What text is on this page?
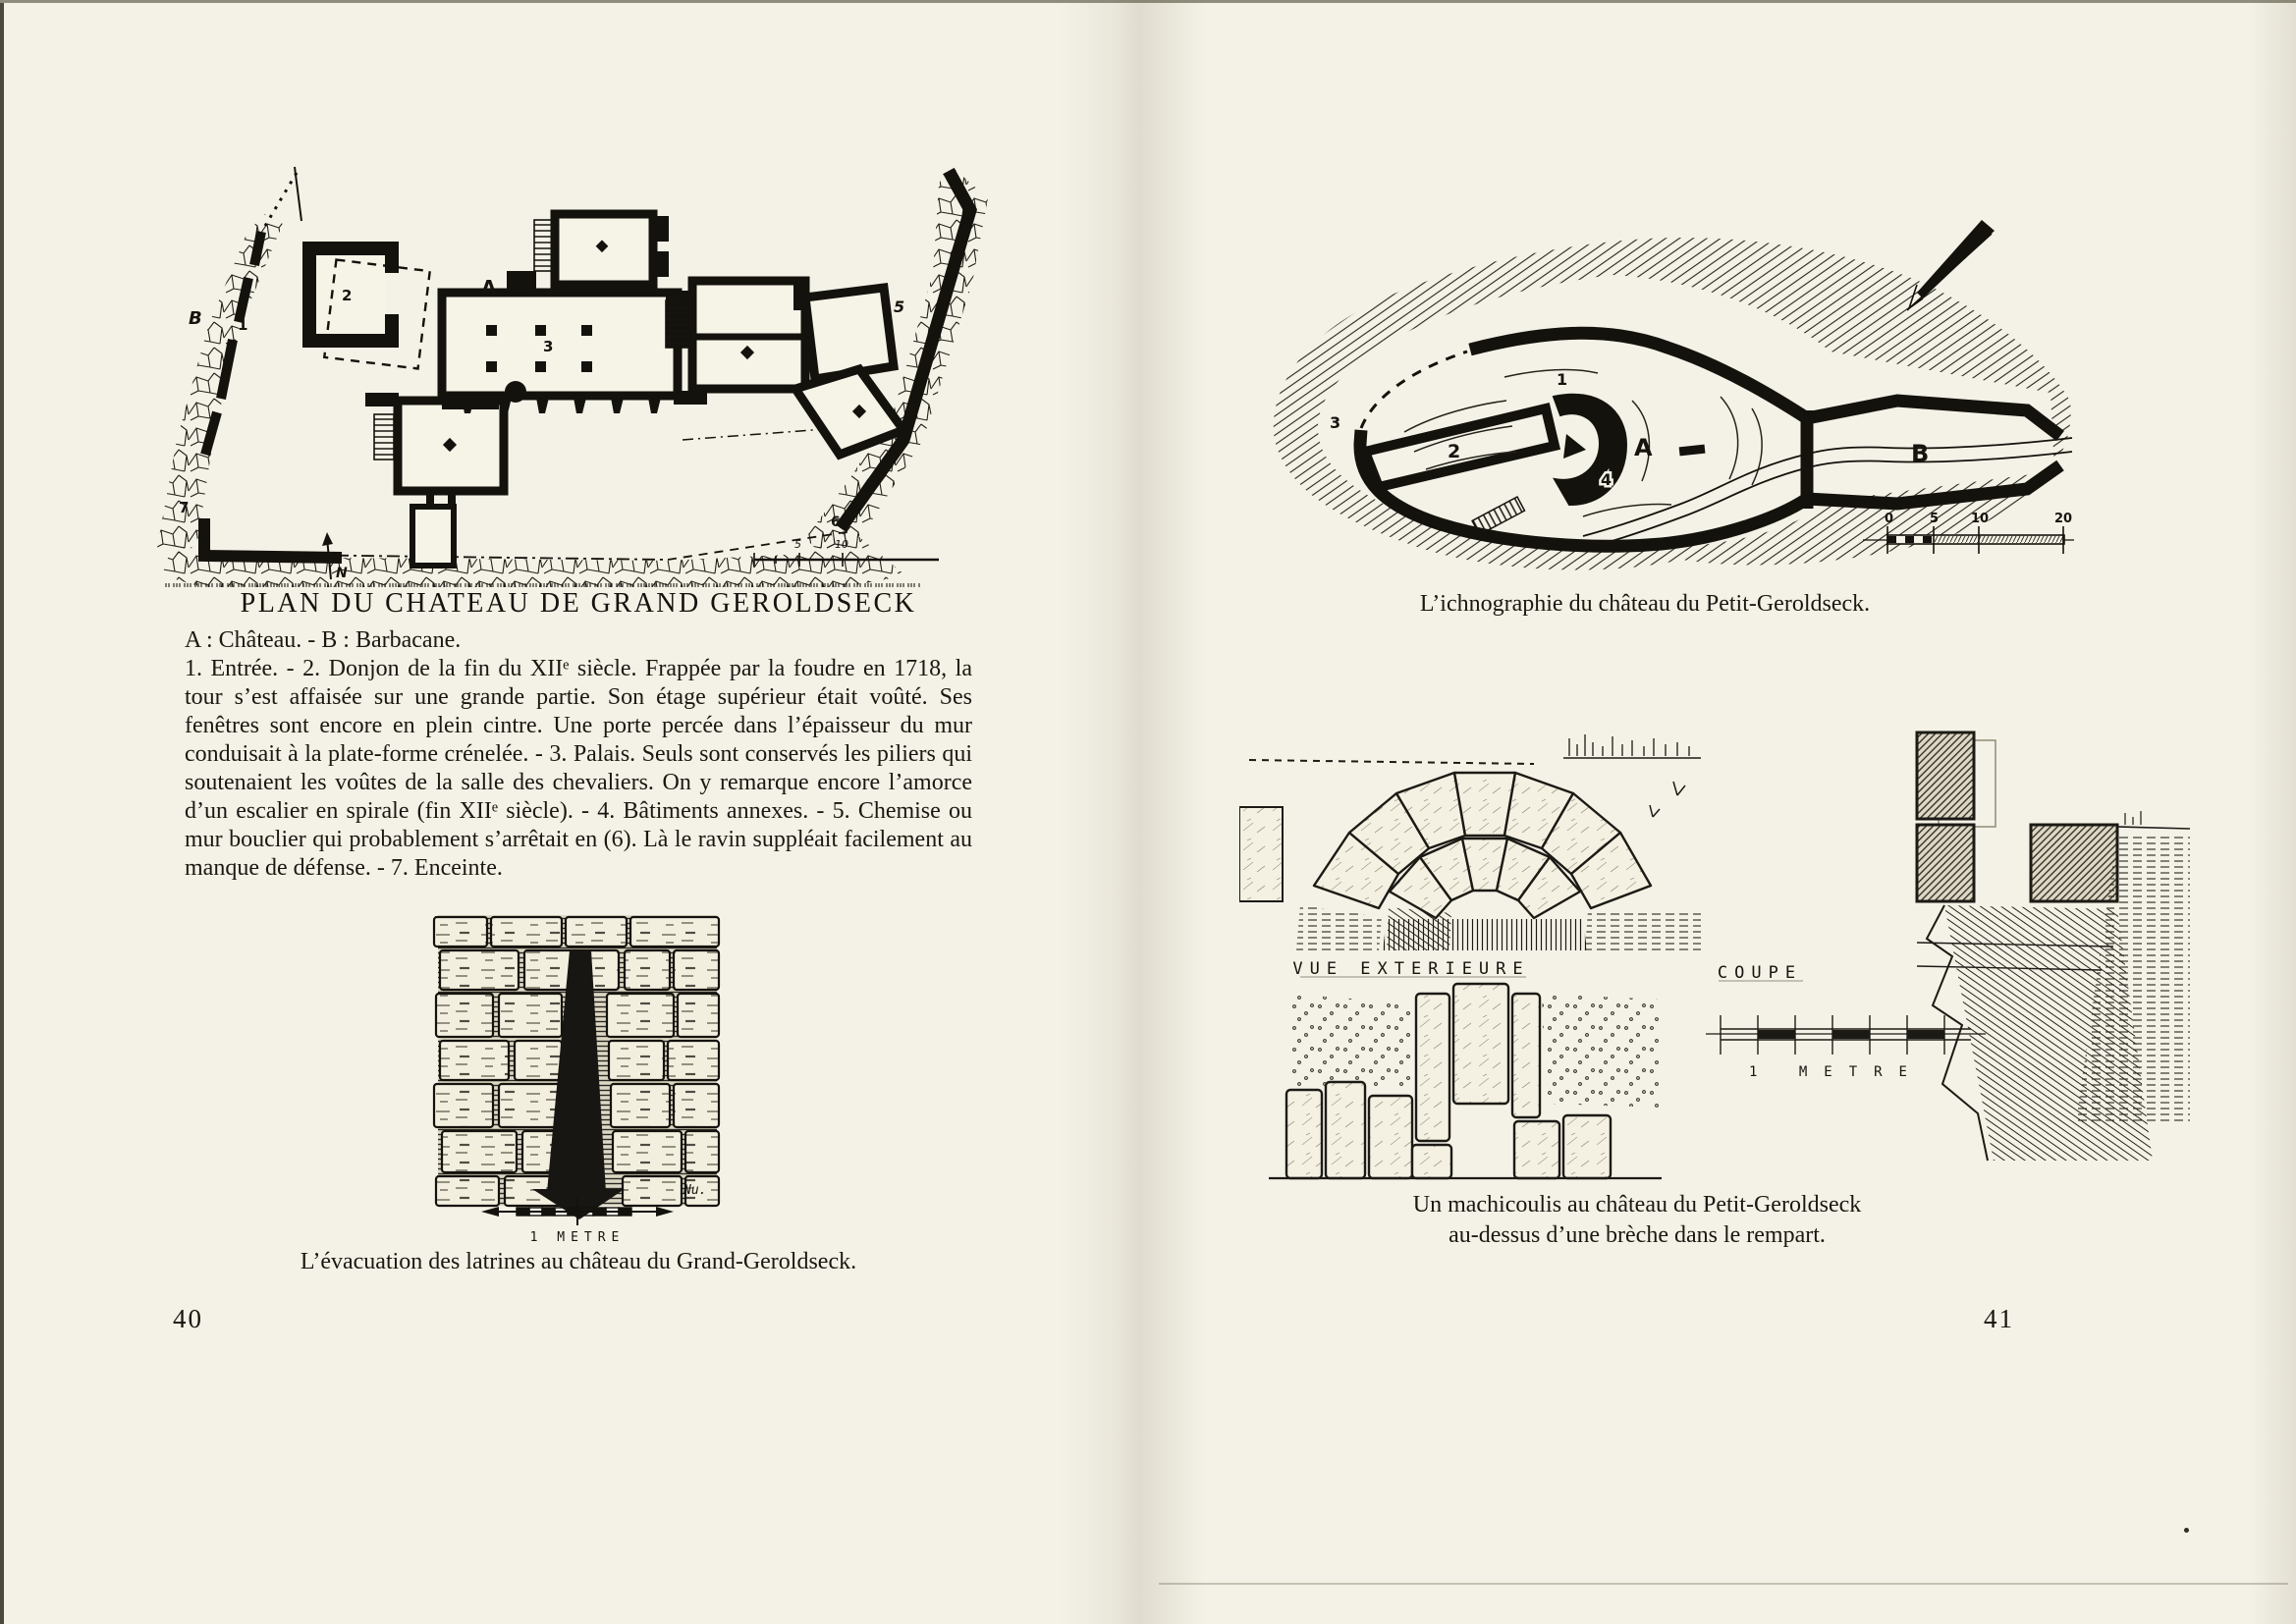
B 1
2	A
3
5
6
7
N
5	10
PLAN DU CHATEAU DE GRAND GEROLDSECK

A : Château. - B : Barbacane.

1. Entrée. - 2. Donjon de la fin du XIIᵉ siècle. Frappée par la foudre en 1718, la tour s’est affaisée sur une grande partie. Son étage supérieur était voûté. Ses fenêtres sont encore en plein cintre. Une porte percée dans l’épaisseur du mur conduisait à la plate-forme crénelée. - 3. Palais. Seuls sont conservés les piliers qui soutenaient les voûtes de la salle des chevaliers. On y remarque encore l’amorce d’un escalier en spirale (fin XIIᵉ siècle). - 4. Bâtiments annexes. - 5. Chemise ou mur bouclier qui probablement s’arrêtait en (6). Là le ravin suppléait facilement au manque de défense. - 7. Enceinte.

Nu.
1 METRE
L’évacuation des latrines au château du Grand-Geroldseck.
40
3
2
1
4
A	B
0	5	10	20
L’ichnographie du château du Petit-Geroldseck.
VUE EXTERIEURE	COUPE
1 METRE
Un machicoulis au château du Petit-Geroldseck
au-dessus d’une brèche dans le rempart.
41
